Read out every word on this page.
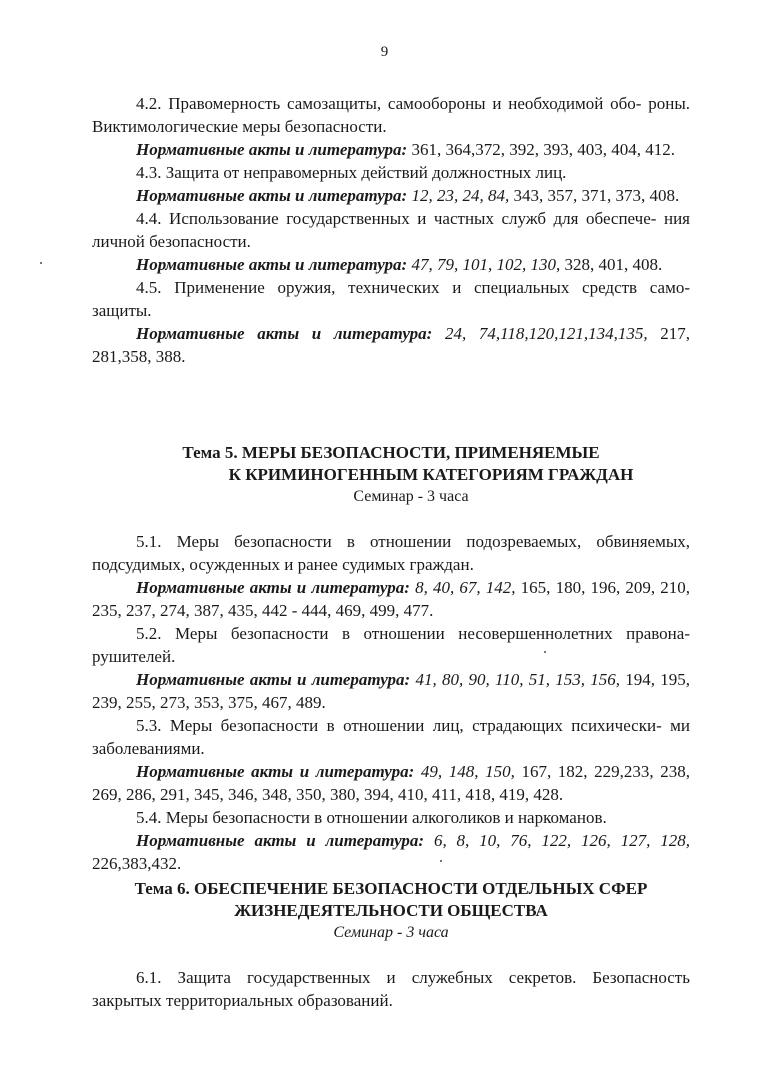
9

4.2. Правомерность самозащиты, самообороны и необходимой обо- роны. Виктимологические меры безопасности.

Нормативные акты и литература: 361, 364,372, 392, 393, 403, 404, 412.

4.3. Защита от неправомерных действий должностных лиц.

Нормативные акты и литература: 12, 23, 24, 84, 343, 357, 371, 373, 408.

4.4. Использование государственных и частных служб для обеспече- ния личной безопасности.

Нормативные акты и литература: 47, 79, 101, 102, 130, 328, 401, 408.

4.5. Применение оружия, технических и специальных средств само- защиты.

Нормативные акты и литература: 24, 74,118,120,121,134,135, 217, 281,358, 388.

Тема 5. МЕРЫ БЕЗОПАСНОСТИ, ПРИМЕНЯЕМЫЕ
К КРИМИНОГЕННЫМ КАТЕГОРИЯМ ГРАЖДАН
Семинар - 3 часа

5.1. Меры безопасности в отношении подозреваемых, обвиняемых, подсудимых, осужденных и ранее судимых граждан.

Нормативные акты и литература: 8, 40, 67, 142, 165, 180, 196, 209, 210, 235, 237, 274, 387, 435, 442 - 444, 469, 499, 477.

5.2. Меры безопасности в отношении несовершеннолетних правона- рушителей.

Нормативные акты и литература: 41, 80, 90, 110, 51, 153, 156, 194, 195, 239, 255, 273, 353, 375, 467, 489.

5.3. Меры безопасности в отношении лиц, страдающих психически- ми заболеваниями.

Нормативные акты и литература: 49, 148, 150, 167, 182, 229,233, 238, 269, 286, 291, 345, 346, 348, 350, 380, 394, 410, 411, 418, 419, 428.

5.4. Меры безопасности в отношении алкоголиков и наркоманов.

Нормативные акты и литература: 6, 8, 10, 76, 122, 126, 127, 128, 226,383,432.

Тема 6. ОБЕСПЕЧЕНИЕ БЕЗОПАСНОСТИ ОТДЕЛЬНЫХ СФЕР
ЖИЗНЕДЕЯТЕЛЬНОСТИ ОБЩЕСТВА
Семинар - 3 часа

6.1. Защита государственных и служебных секретов. Безопасность закрытых территориальных образований.
